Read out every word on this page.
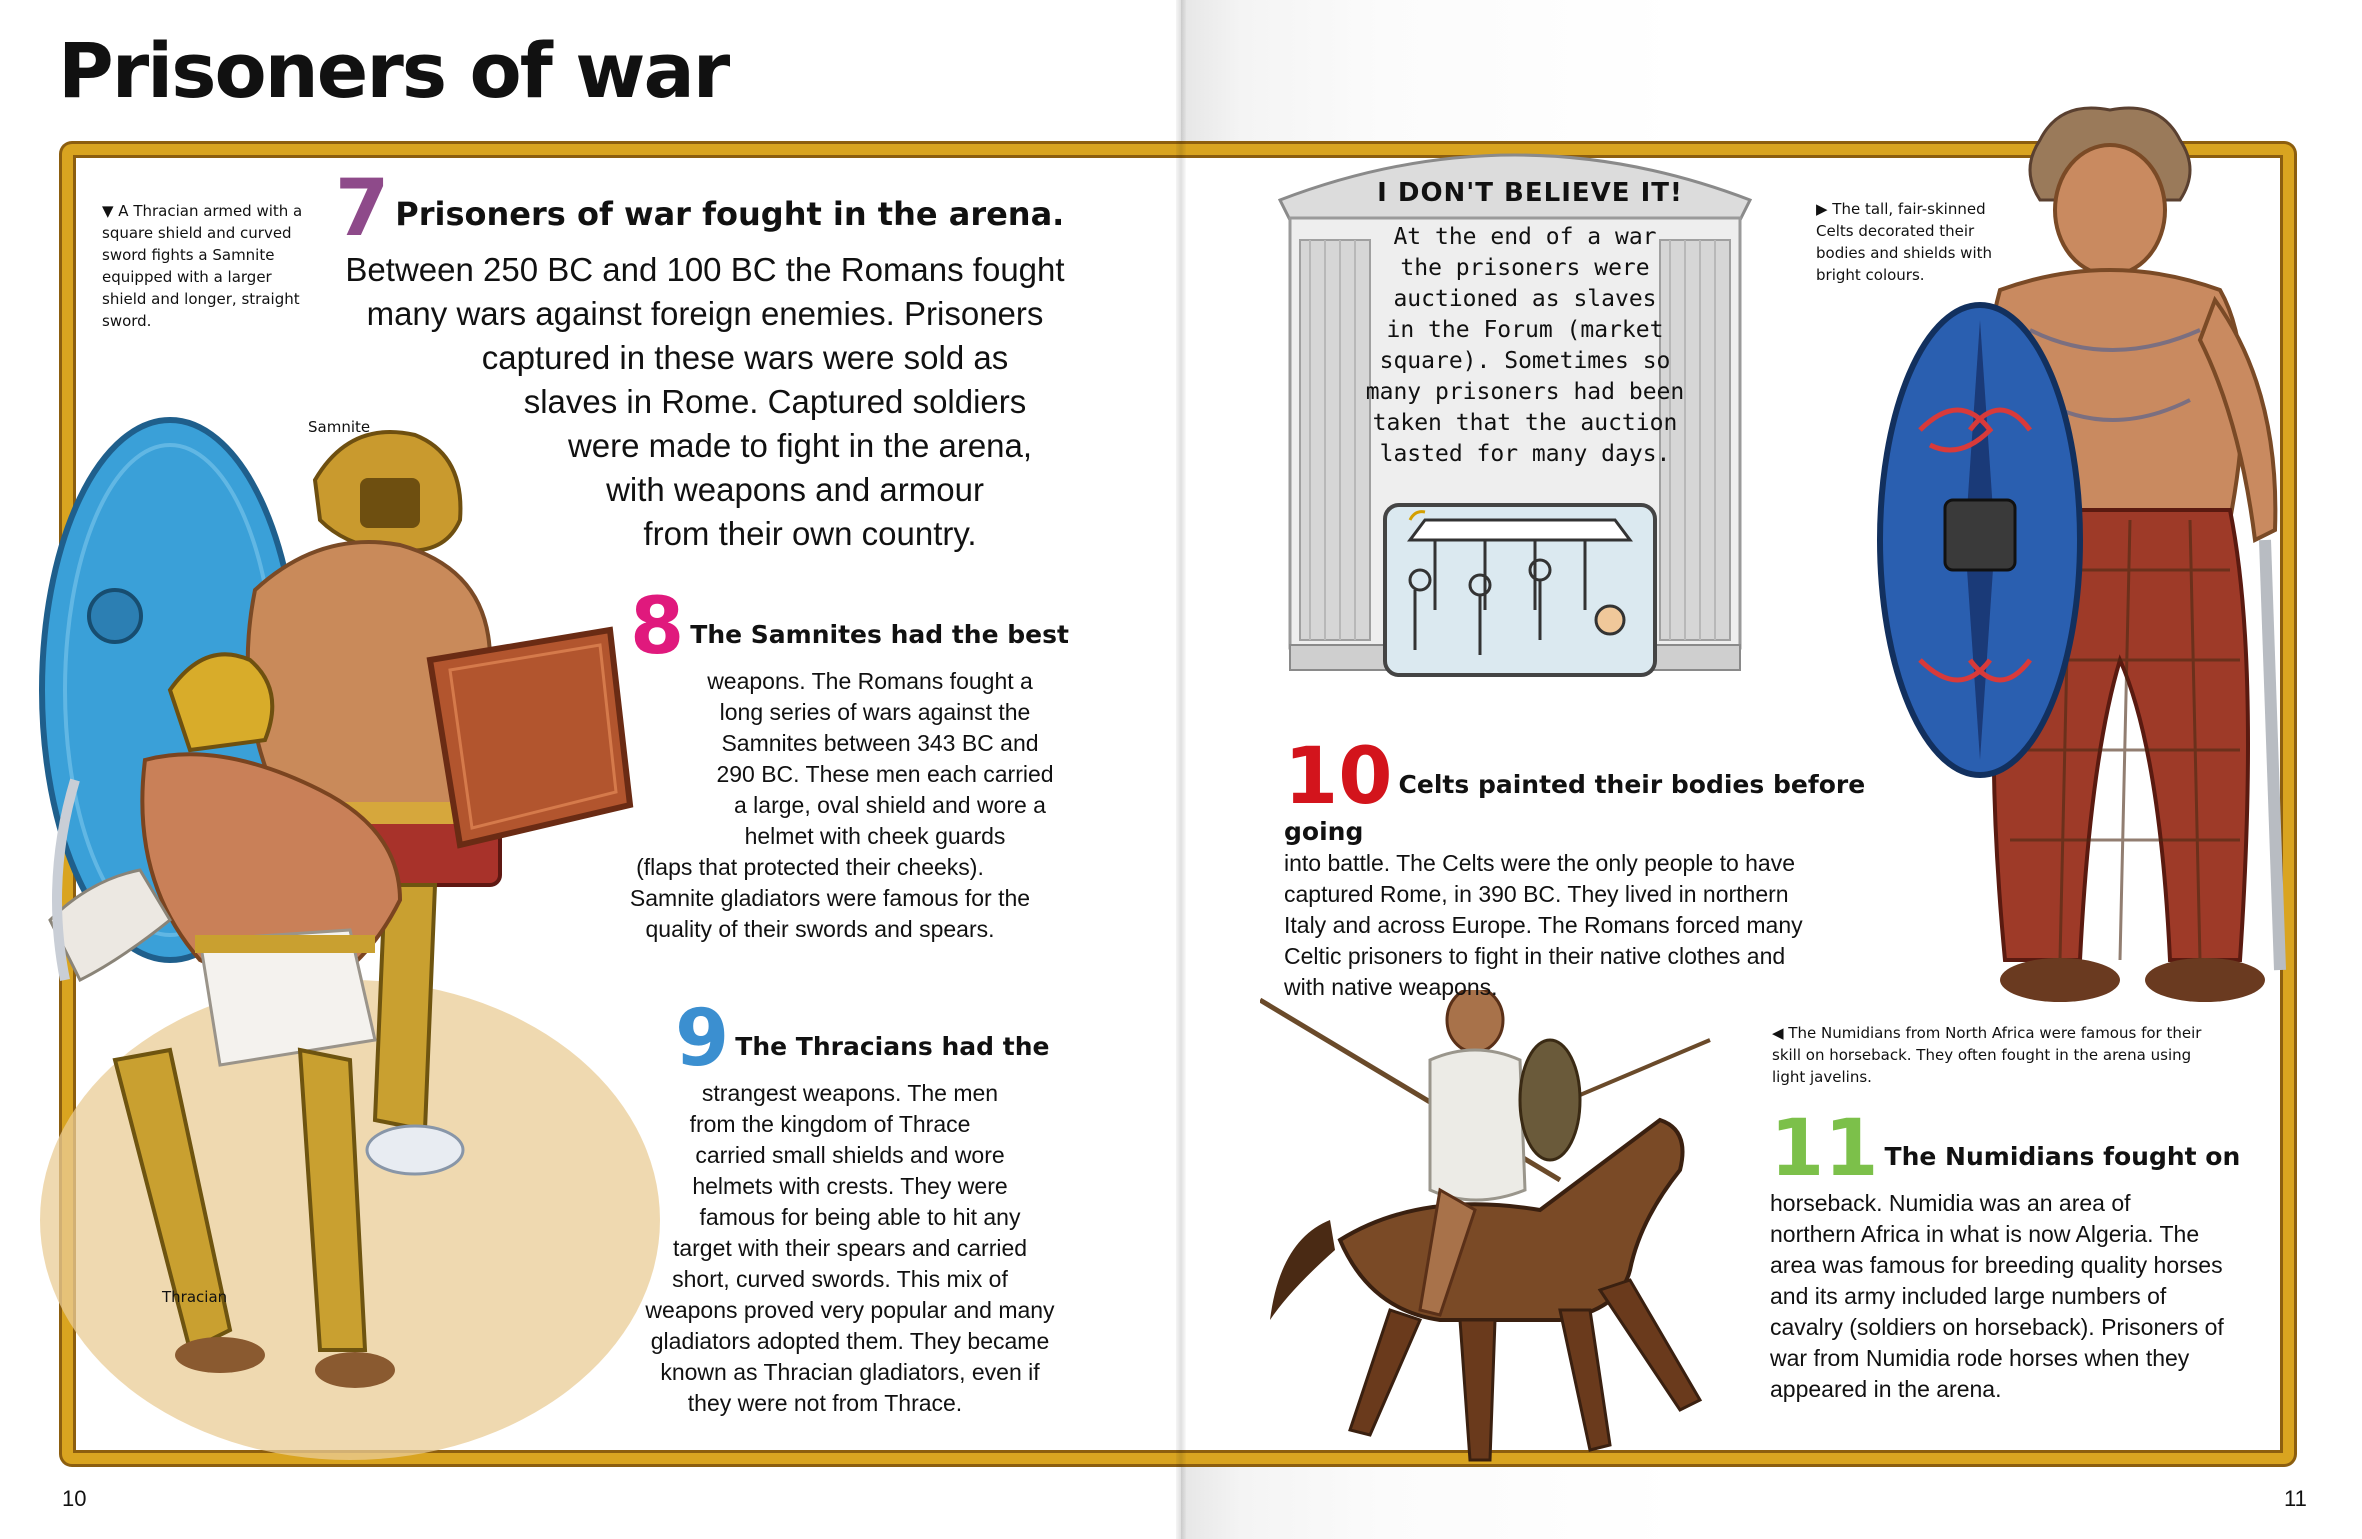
Prisoners of war
I DON'T BELIEVE IT!
At the end of a war
the prisoners were
auctioned as slaves
in the Forum (market
square). Sometimes so
many prisoners had been
taken that the auction
lasted for many days.
▼ A Thracian armed with a square shield and curved sword fights a Samnite equipped with a larger shield and longer, straight sword.
▶ The tall, fair-skinned Celts decorated their bodies and shields with bright colours.
◀ The Numidians from North Africa were famous for their skill on horseback. They often fought in the arena using light javelins.
Samnite
Thracian
7 Prisoners of war fought in the arena.
Between 250 BC and 100 BC the Romans fought
many wars against foreign enemies. Prisoners
captured in these wars were sold as
slaves in Rome. Captured soldiers
were made to fight in the arena,
with weapons and armour
from their own country.
8 The Samnites had the best
weapons. The Romans fought a
long series of wars against the
Samnites between 343 BC and
290 BC. These men each carried
a large, oval shield and wore a
helmet with cheek guards
(flaps that protected their cheeks).
Samnite gladiators were famous for the
quality of their swords and spears.
9 The Thracians had the
strangest weapons. The men
from the kingdom of Thrace
carried small shields and wore
helmets with crests. They were
famous for being able to hit any
target with their spears and carried
short, curved swords. This mix of
weapons proved very popular and many
gladiators adopted them. They became
known as Thracian gladiators, even if
they were not from Thrace.
10 Celts painted their bodies before going
into battle. The Celts were the only people to have
captured Rome, in 390 BC. They lived in northern
Italy and across Europe. The Romans forced many
Celtic prisoners to fight in their native clothes and
with native weapons.
11 The Numidians fought on
horseback. Numidia was an area of
northern Africa in what is now Algeria. The
area was famous for breeding quality horses
and its army included large numbers of
cavalry (soldiers on horseback). Prisoners of
war from Numidia rode horses when they
appeared in the arena.
10	11
